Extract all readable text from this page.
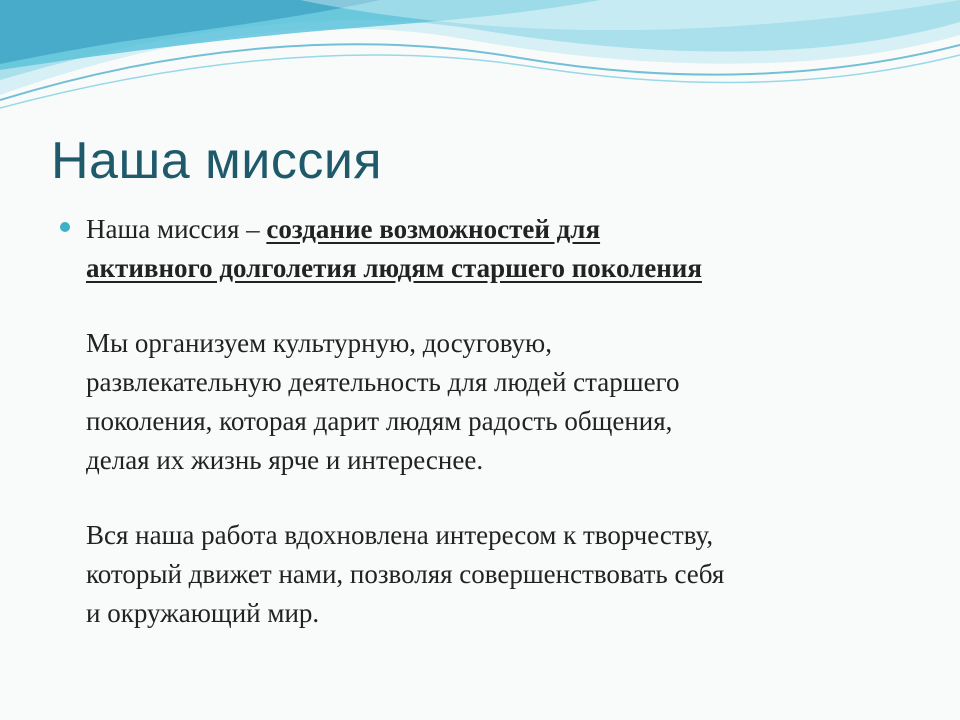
Наша миссия
Наша миссия – создание возможностей для
активного долголетия людям старшего поколения
Мы организуем культурную, досуговую,
развлекательную деятельность для людей старшего
поколения, которая дарит людям радость общения,
делая их жизнь ярче и интереснее.
Вся наша работа вдохновлена интересом к творчеству,
который движет нами, позволяя совершенствовать себя
и окружающий мир.
